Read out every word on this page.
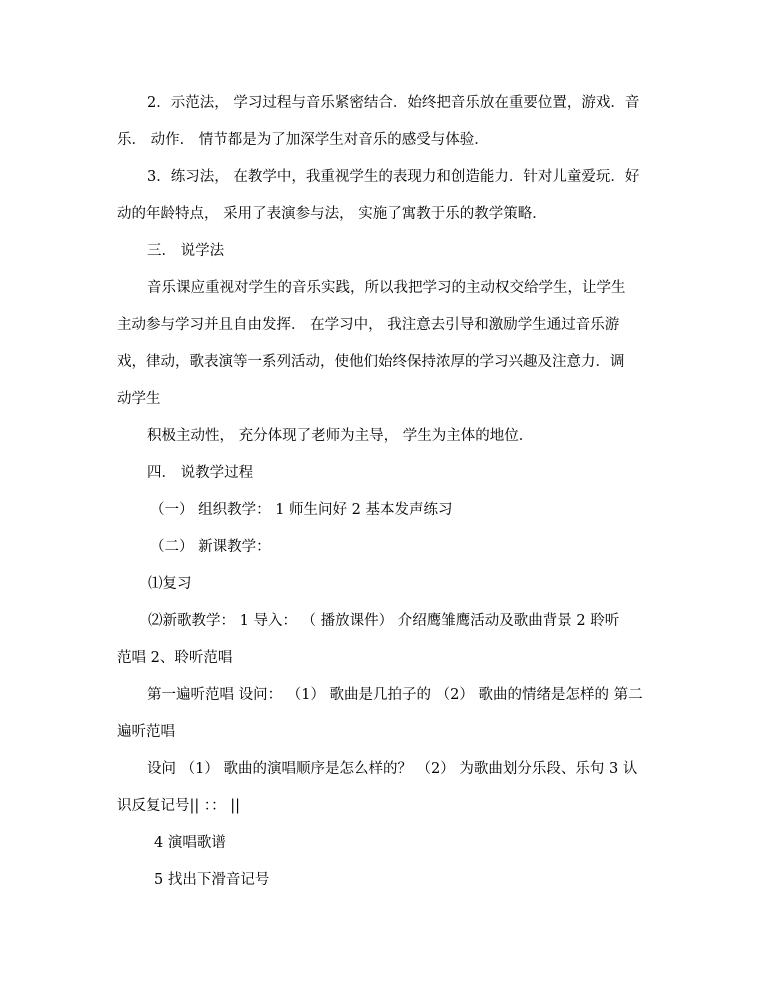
2．示范法， 学习过程与音乐紧密结合．始终把音乐放在重要位置，游戏．音
乐． 动作． 情节都是为了加深学生对音乐的感受与体验．
3．练习法， 在教学中，我重视学生的表现力和创造能力．针对儿童爱玩．好
动的年龄特点， 采用了表演参与法， 实施了寓教于乐的教学策略．
三． 说学法
音乐课应重视对学生的音乐实践，所以我把学习的主动权交给学生，让学生
主动参与学习并且自由发挥． 在学习中， 我注意去引导和激励学生通过音乐游
戏，律动，歌表演等一系列活动，使他们始终保持浓厚的学习兴趣及注意力．调
动学生
积极主动性， 充分体现了老师为主导， 学生为主体的地位．
四． 说教学过程
（一） 组织教学： 1 师生问好 2 基本发声练习
（二） 新课教学：
⑴复习
⑵新歌教学： 1 导入： （ 播放课件） 介绍鹰雏鹰活动及歌曲背景 2 聆听
范唱 2、聆听范唱
第一遍听范唱 设问： （1） 歌曲是几拍子的 （2） 歌曲的情绪是怎样的 第二
遍听范唱
设问 （1） 歌曲的演唱顺序是怎么样的？ （2） 为歌曲划分乐段、乐句 3 认
识反复记号|| ：： ||
4 演唱歌谱
5 找出下滑音记号
